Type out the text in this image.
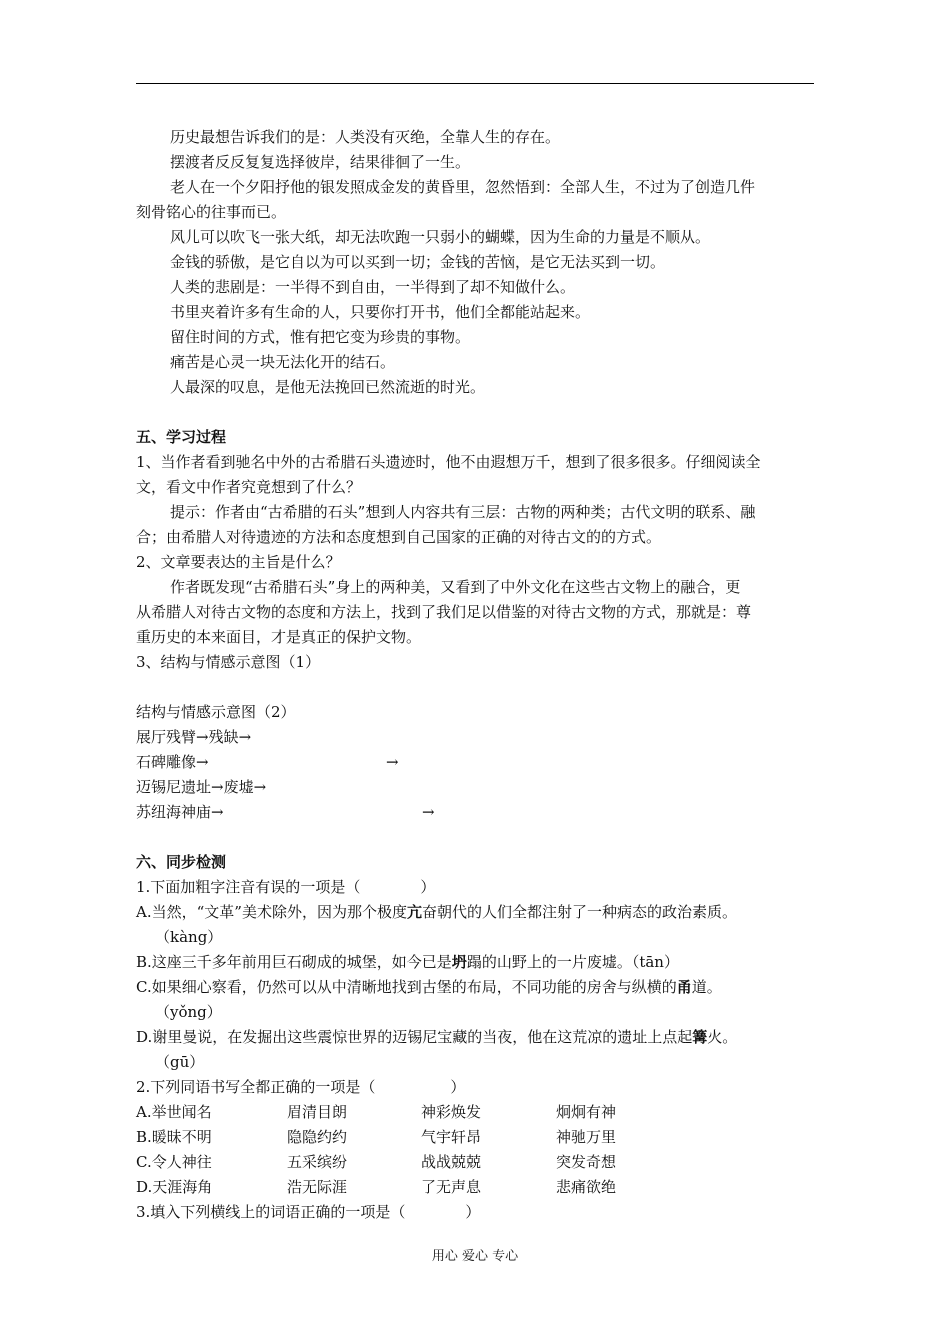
历史最想告诉我们的是：人类没有灭绝，全靠人生的存在。
摆渡者反反复复选择彼岸，结果徘徊了一生。
老人在一个夕阳抒他的银发照成金发的黄昏里，忽然悟到：全部人生，不过为了创造几件
刻骨铭心的往事而已。
风儿可以吹飞一张大纸，却无法吹跑一只弱小的蝴蝶，因为生命的力量是不顺从。
金钱的骄傲，是它自以为可以买到一切；金钱的苦恼，是它无法买到一切。
人类的悲剧是：一半得不到自由，一半得到了却不知做什么。
书里夹着许多有生命的人，只要你打开书，他们全都能站起来。
留住时间的方式，惟有把它变为珍贵的事物。
痛苦是心灵一块无法化开的结石。
人最深的叹息，是他无法挽回已然流逝的时光。
五、学习过程
1、当作者看到驰名中外的古希腊石头遗迹时，他不由遐想万千，想到了很多很多。仔细阅读全
文，看文中作者究竟想到了什么？
提示：作者由“古希腊的石头”想到人内容共有三层：古物的两种类；古代文明的联系、融
合；由希腊人对待遗迹的方法和态度想到自己国家的正确的对待古文的的方式。
2、文章要表达的主旨是什么？
作者既发现“古希腊石头”身上的两种美，又看到了中外文化在这些古文物上的融合，更
从希腊人对待古文物的态度和方法上，找到了我们足以借鉴的对待古文物的方式，那就是：尊
重历史的本来面目，才是真正的保护文物。
3、结构与情感示意图（1）
结构与情感示意图（2）
展厅残臂→残缺→
石碑雕像→	→
迈锡尼遗址→废墟→
苏纽海神庙→	→
六、同步检测
1.下面加粗字注音有误的一项是（　　　　）
A.当然，“文革”美术除外，因为那个极度亢奋朝代的人们全都注射了一种病态的政治素质。
（kàng）
B.这座三千多年前用巨石砌成的城堡，如今已是坍蹋的山野上的一片废墟。（tān）
C.如果细心察看，仍然可以从中清晰地找到古堡的布局，不同功能的房舍与纵横的甬道。
（yǒng）
D.谢里曼说，在发掘出这些震惊世界的迈锡尼宝藏的当夜，他在这荒凉的遗址上点起篝火。
（gū）
2.下列同语书写全都正确的一项是（　　　　　）
A.举世闻名	眉清目朗	神彩焕发	炯炯有神
B.暖昧不明	隐隐约约	气宇轩昂	神驰万里
C.令人神往	五采缤纷	战战兢兢	突发奇想
D.天涯海角	浩无际涯	了无声息	悲痛欲绝
3.填入下列横线上的词语正确的一项是（　　　　）
用心 爱心 专心
